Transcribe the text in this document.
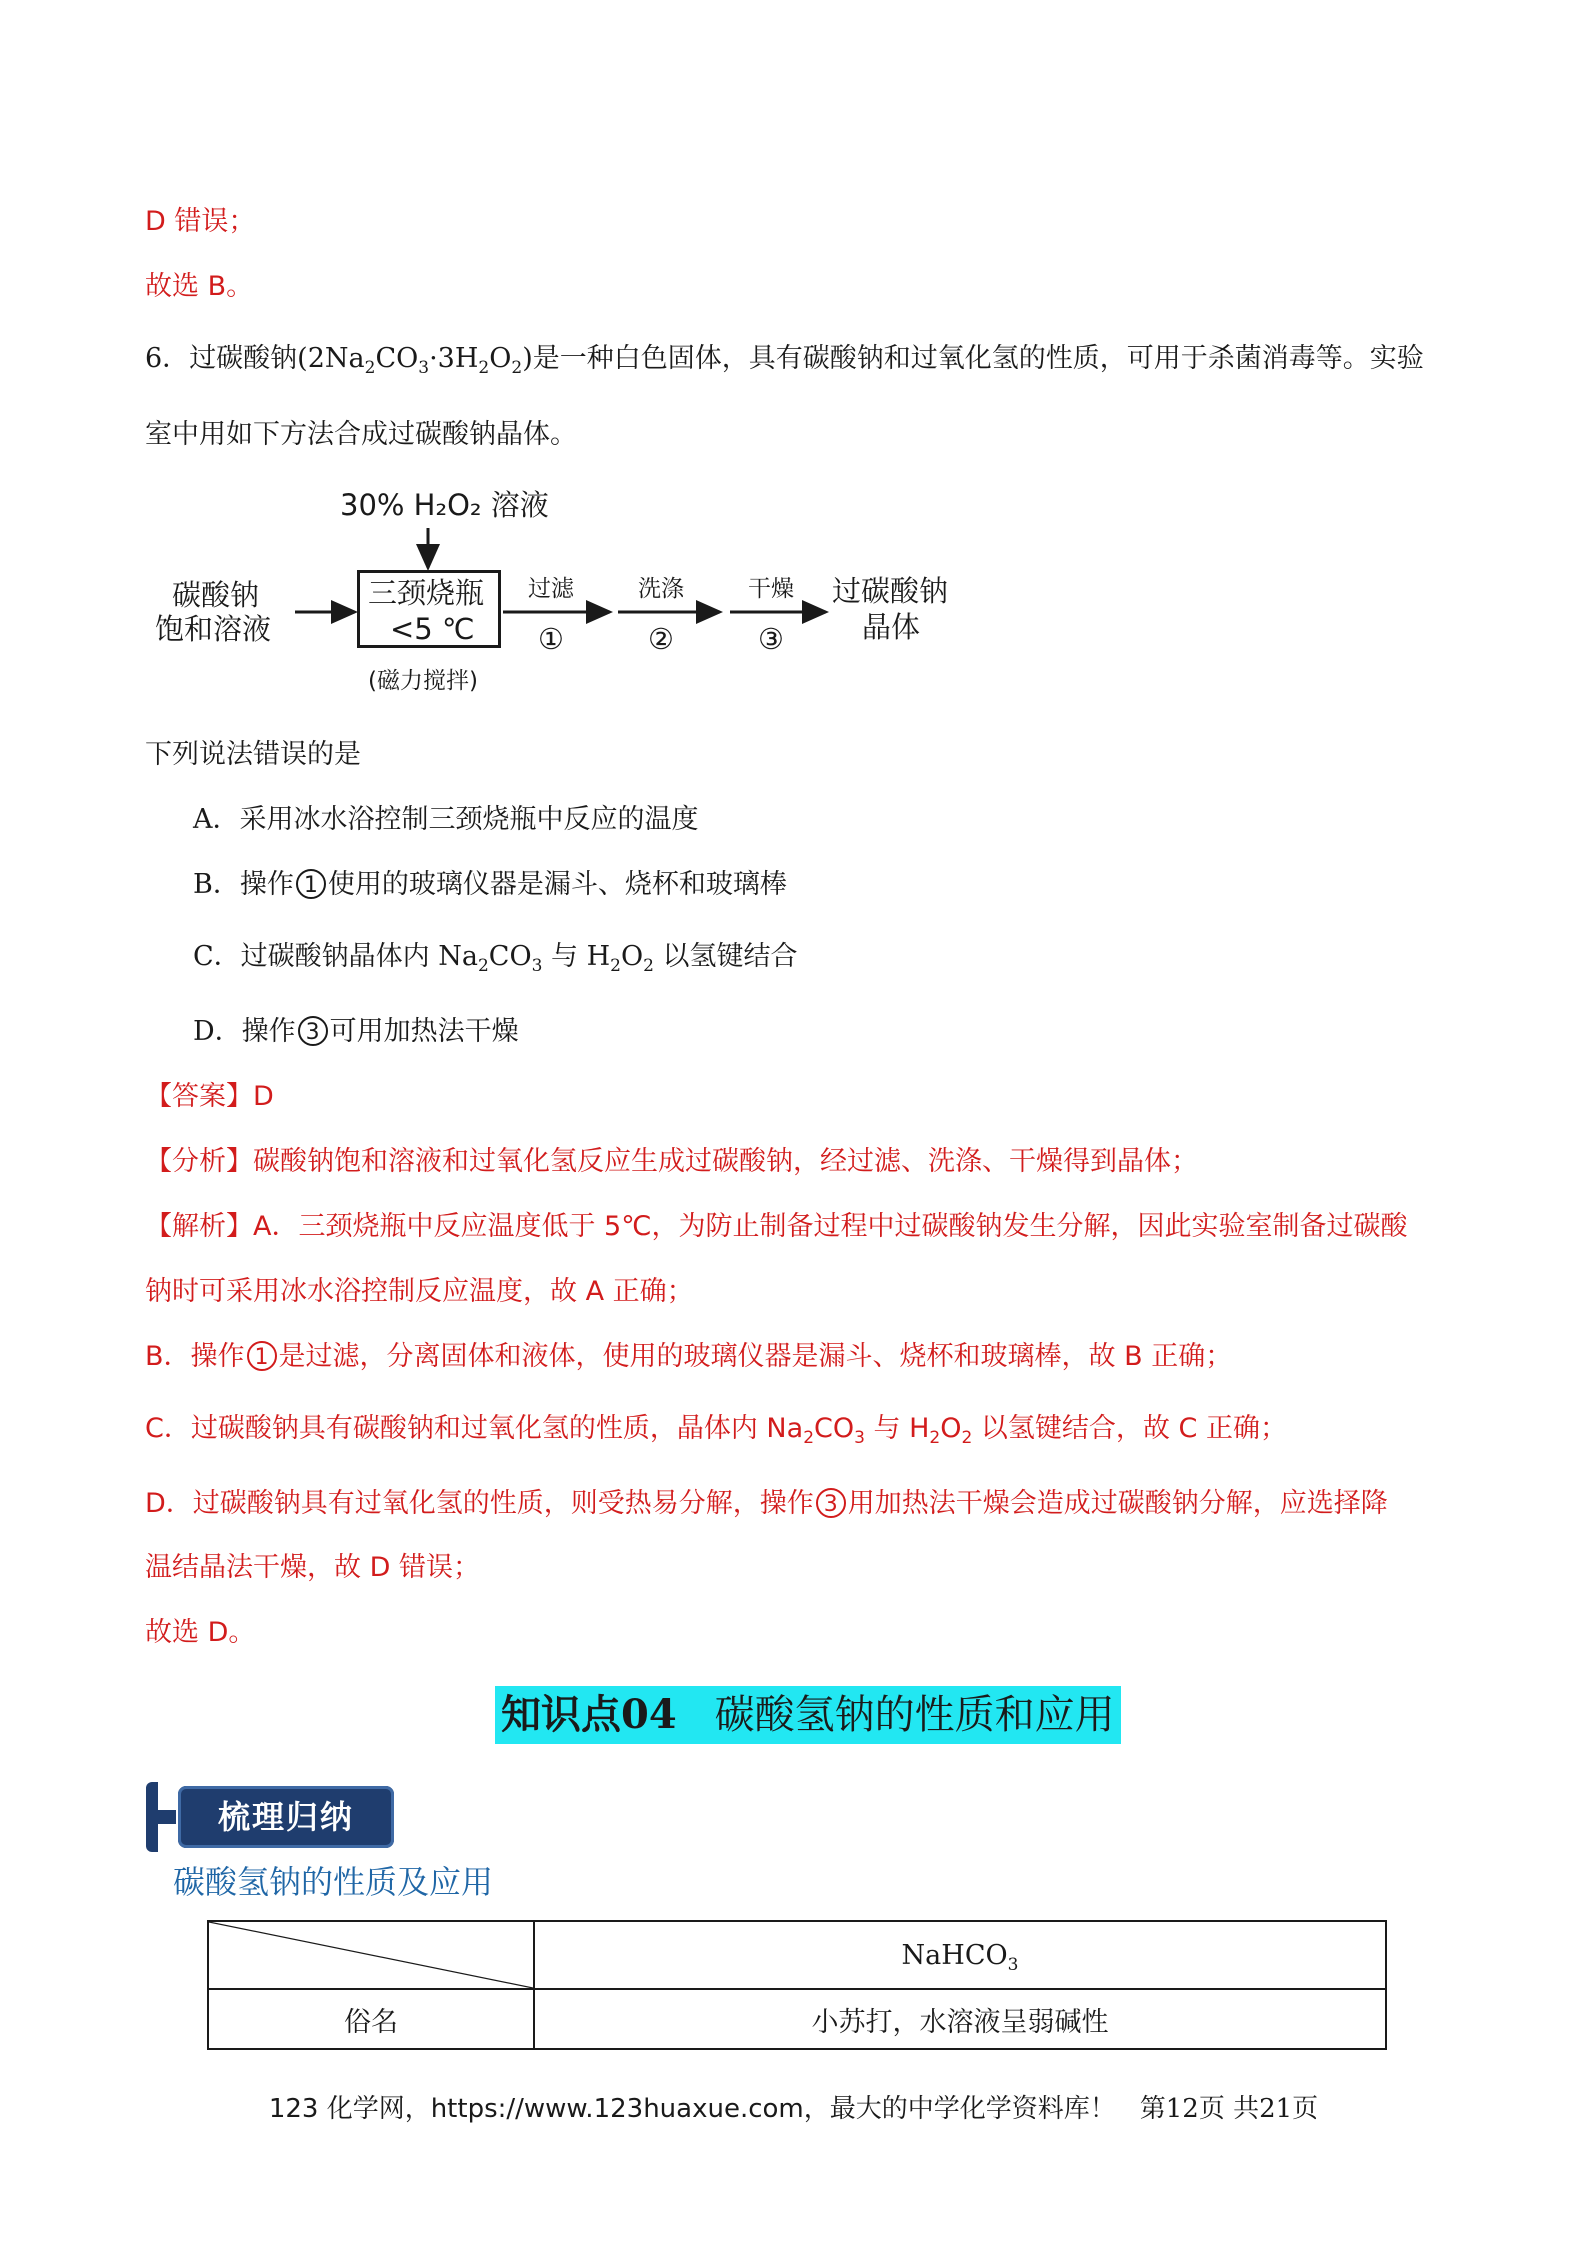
D 错误；
故选 B。
6．过碳酸钠$(2Na_2CO_3\cdot 3H_2O_2)$是一种白色固体，具有碳酸钠和过氧化氢的性质，可用于杀菌消毒等。实验
室中用如下方法合成过碳酸钠晶体。
30% H₂O₂ 溶液
碳酸钠
饱和溶液
三颈烧瓶
<5 ℃
(磁力搅拌)
过滤
①
洗涤
②
干燥
③
过碳酸钠
晶体
下列说法错误的是
A．采用冰水浴控制三颈烧瓶中反应的温度
B．操作 1 使用的玻璃仪器是漏斗、烧杯和玻璃棒
C．过碳酸钠晶体内 $Na_2CO_3$ 与 $H_2O_2$ 以氢键结合
D．操作 3 可用加热法干燥
【答案】D
【分析】碳酸钠饱和溶液和过氧化氢反应生成过碳酸钠，经过滤、洗涤、干燥得到晶体；
【解析】A．三颈烧瓶中反应温度低于 5℃，为防止制备过程中过碳酸钠发生分解，因此实验室制备过碳酸
钠时可采用冰水浴控制反应温度，故 A 正确；
B．操作 1 是过滤，分离固体和液体，使用的玻璃仪器是漏斗、烧杯和玻璃棒，故 B 正确；
C．过碳酸钠具有碳酸钠和过氧化氢的性质，晶体内 $Na_2CO_3$ 与 $H_2O_2$ 以氢键结合，故 C 正确；
D．过碳酸钠具有过氧化氢的性质，则受热易分解，操作 3 用加热法干燥会造成过碳酸钠分解，应选择降
温结晶法干燥，故 D 错误；
故选 D。
知识点04 碳酸氢钠的性质和应用
梳理归纳
碳酸氢钠的性质及应用
	NaHCO$_3$
俗名	小苏打，水溶液呈弱碱性
123 化学网，https://www.123huaxue.com，最大的中学化学资料库！ 第12页 共21页
